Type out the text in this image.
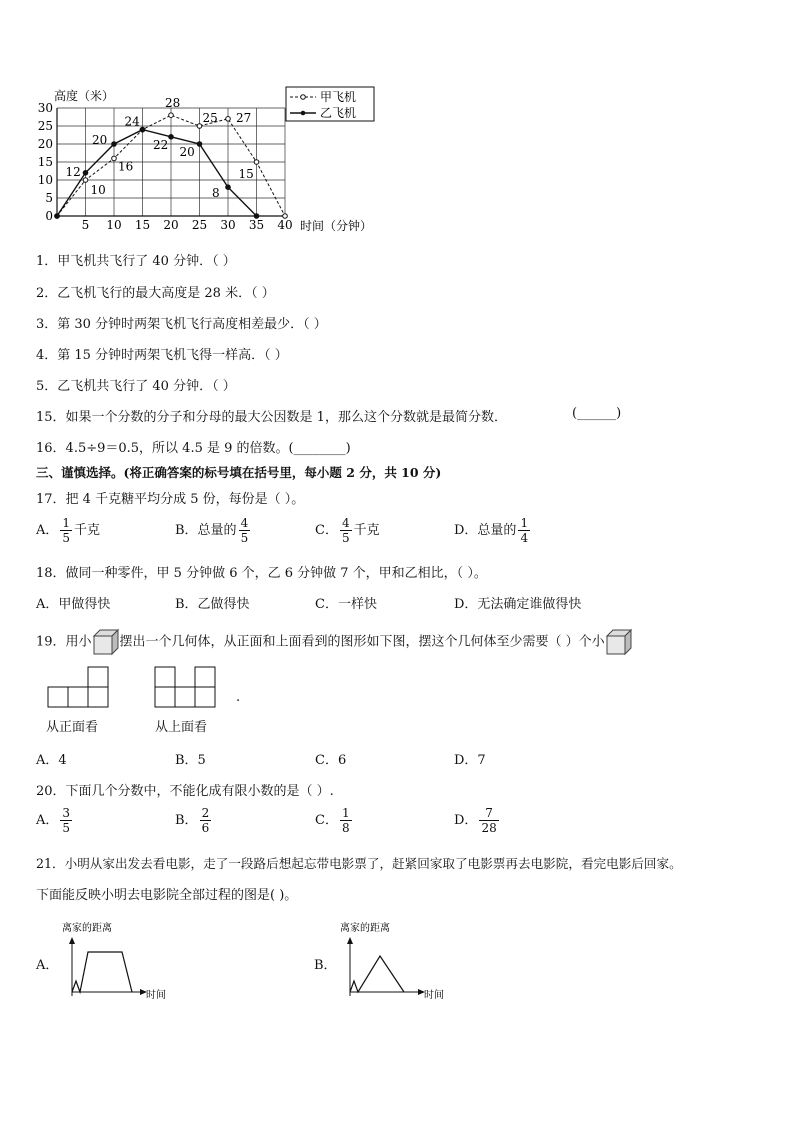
5 10 15 20 25 30 35 40
0
5
10
15
20
25
30
12
10
20
16
24
28
22
25
20
27
8
15
高度（米）
时间（分钟）
甲飞机
乙飞机
1．甲飞机共飞行了 40 分钟．（ ）
2．乙飞机飞行的最大高度是 28 米．（ ）
3．第 30 分钟时两架飞机飞行高度相差最少．（ ）
4．第 15 分钟时两架飞机飞得一样高．（ ）
5．乙飞机共飞行了 40 分钟．（ ）
15．如果一个分数的分子和分母的最大公因数是 1，那么这个分数就是最简分数．	(______)
16．4.5÷9＝0.5，所以 4.5 是 9 的倍数。(________)
三、谨慎选择。(将正确答案的标号填在括号里，每小题 2 分，共 10 分)
17．把 4 千克糖平均分成 5 份，每份是（ ）。
A． $\frac{1}{5}$ 千克	B．总量的 $\frac{4}{5}$	C． $\frac{4}{5}$ 千克	D．总量的 $\frac{1}{4}$
18．做同一种零件，甲 5 分钟做 6 个，乙 6 分钟做 7 个，甲和乙相比，（ ）。
A．甲做得快	B．乙做得快	C．一样快	D．无法确定谁做得快
19．用小 摆出一个几何体，从正面和上面看到的图形如下图，摆这个几何体至少需要（ ）个小
.
从正面看	从上面看
A．4	B．5	C．6	D．7
20．下面几个分数中，不能化成有限小数的是（ ）.
A． $\frac{3}{5}$	B． $\frac{2}{6}$	C． $\frac{1}{8}$	D． $\frac{7}{28}$
21．小明从家出发去看电影，走了一段路后想起忘带电影票了，赶紧回家取了电影票再去电影院，看完电影后回家。
下面能反映小明去电影院全部过程的图是( )。
A．
离家的距离
时间
B．
离家的距离
时间
